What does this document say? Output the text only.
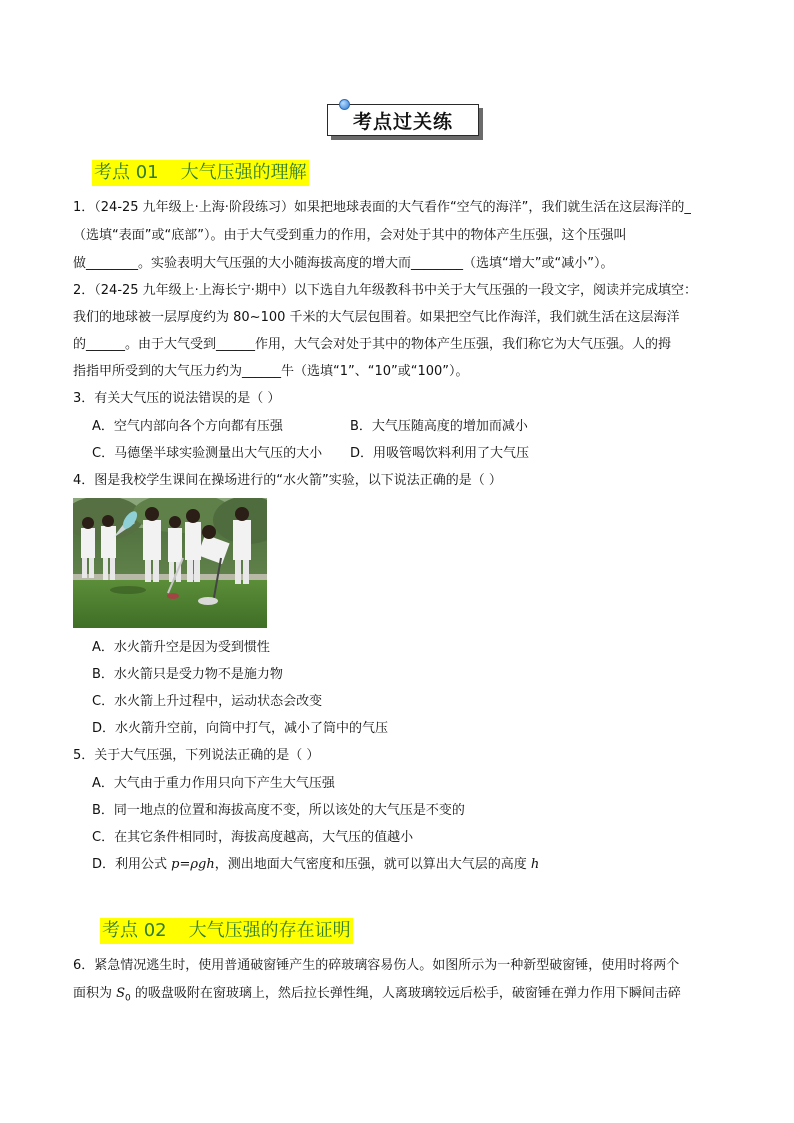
考点过关练
考点 01 大气压强的理解
1．（24-25 九年级上·上海·阶段练习）如果把地球表面的大气看作“空气的海洋”，我们就生活在这层海洋的_
（选填“表面”或“底部”）。由于大气受到重力的作用，会对处于其中的物体产生压强，这个压强叫
做________。实验表明大气压强的大小随海拔高度的增大而________（选填“增大”或“减小”）。
2．（24-25 九年级上·上海长宁·期中）以下选自九年级教科书中关于大气压强的一段文字，阅读并完成填空：
我们的地球被一层厚度约为 80~100 千米的大气层包围着。如果把空气比作海洋，我们就生活在这层海洋
的______。由于大气受到______作用，大气会对处于其中的物体产生压强，我们称它为大气压强。人的拇
指指甲所受到的大气压力约为______牛（选填“1”、“10”或“100”）。
3．有关大气压的说法错误的是（ ）
A．空气内部向各个方向都有压强	B．大气压随高度的增加而减小
C．马德堡半球实验测量出大气压的大小 D．用吸管喝饮料利用了大气压
4．图是我校学生课间在操场进行的“水火箭”实验，以下说法正确的是（ ）
A．水火箭升空是因为受到惯性
B．水火箭只是受力物不是施力物
C．水火箭上升过程中，运动状态会改变
D．水火箭升空前，向筒中打气，减小了筒中的气压
5．关于大气压强，下列说法正确的是（ ）
A．大气由于重力作用只向下产生大气压强
B．同一地点的位置和海拔高度不变，所以该处的大气压是不变的
C．在其它条件相同时，海拔高度越高，大气压的值越小
D．利用公式 p=ρgh，测出地面大气密度和压强，就可以算出大气层的高度 h
考点 02 大气压强的存在证明
6．紧急情况逃生时，使用普通破窗锤产生的碎玻璃容易伤人。如图所示为一种新型破窗锤，使用时将两个
面积为 $S_0$ 的吸盘吸附在窗玻璃上，然后拉长弹性绳，人离玻璃较远后松手，破窗锤在弹力作用下瞬间击碎
